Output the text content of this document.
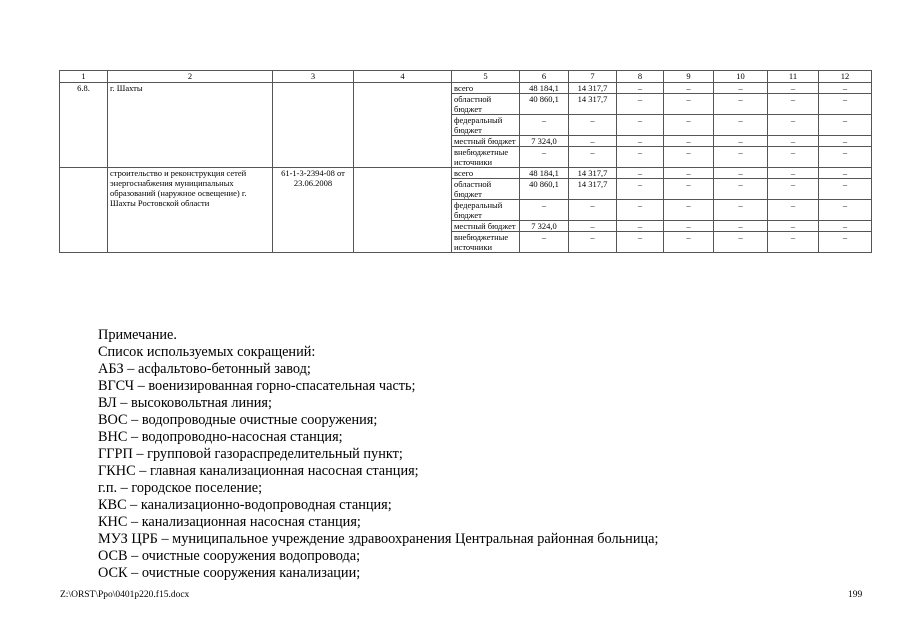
1	2	3	4	5	6	7	8	9	10	11	12
6.8.	г. Шахты			всего	48 184,1	14 317,7	–	–	–	–	–
				областной бюджет	40 860,1	14 317,7	–	–	–	–	–
				федеральный бюджет	–	–	–	–	–	–	–
				местный бюджет	7 324,0	–	–	–	–	–	–
				внебюджетные источники	–	–	–	–	–	–	–
	строительство и реконструкция сетей энергоснабжения муниципальных образований (наружное освещение) г. Шахты Ростовской области	61-1-3-2394-08 от 23.06.2008		всего	48 184,1	14 317,7	–	–	–	–	–
				областной бюджет	40 860,1	14 317,7	–	–	–	–	–
				федеральный бюджет	–	–	–	–	–	–	–
				местный бюджет	7 324,0	–	–	–	–	–	–
				внебюджетные источники	–	–	–	–	–	–	–
Примечание.
Список используемых сокращений:
АБЗ – асфальтово-бетонный завод;
ВГСЧ – военизированная горно-спасательная часть;
ВЛ – высоковольтная линия;
ВОС – водопроводные очистные сооружения;
ВНС – водопроводно-насосная станция;
ГГРП – групповой газораспределительный пункт;
ГКНС – главная канализационная насосная станция;
г.п. – городское поселение;
КВС – канализационно-водопроводная станция;
КНС – канализационная насосная станция;
МУЗ ЦРБ – муниципальное учреждение здравоохранения Центральная районная больница;
ОСВ – очистные сооружения водопровода;
ОСК – очистные сооружения канализации;
Z:\ORST\Ppo\0401p220.f15.docx	199
